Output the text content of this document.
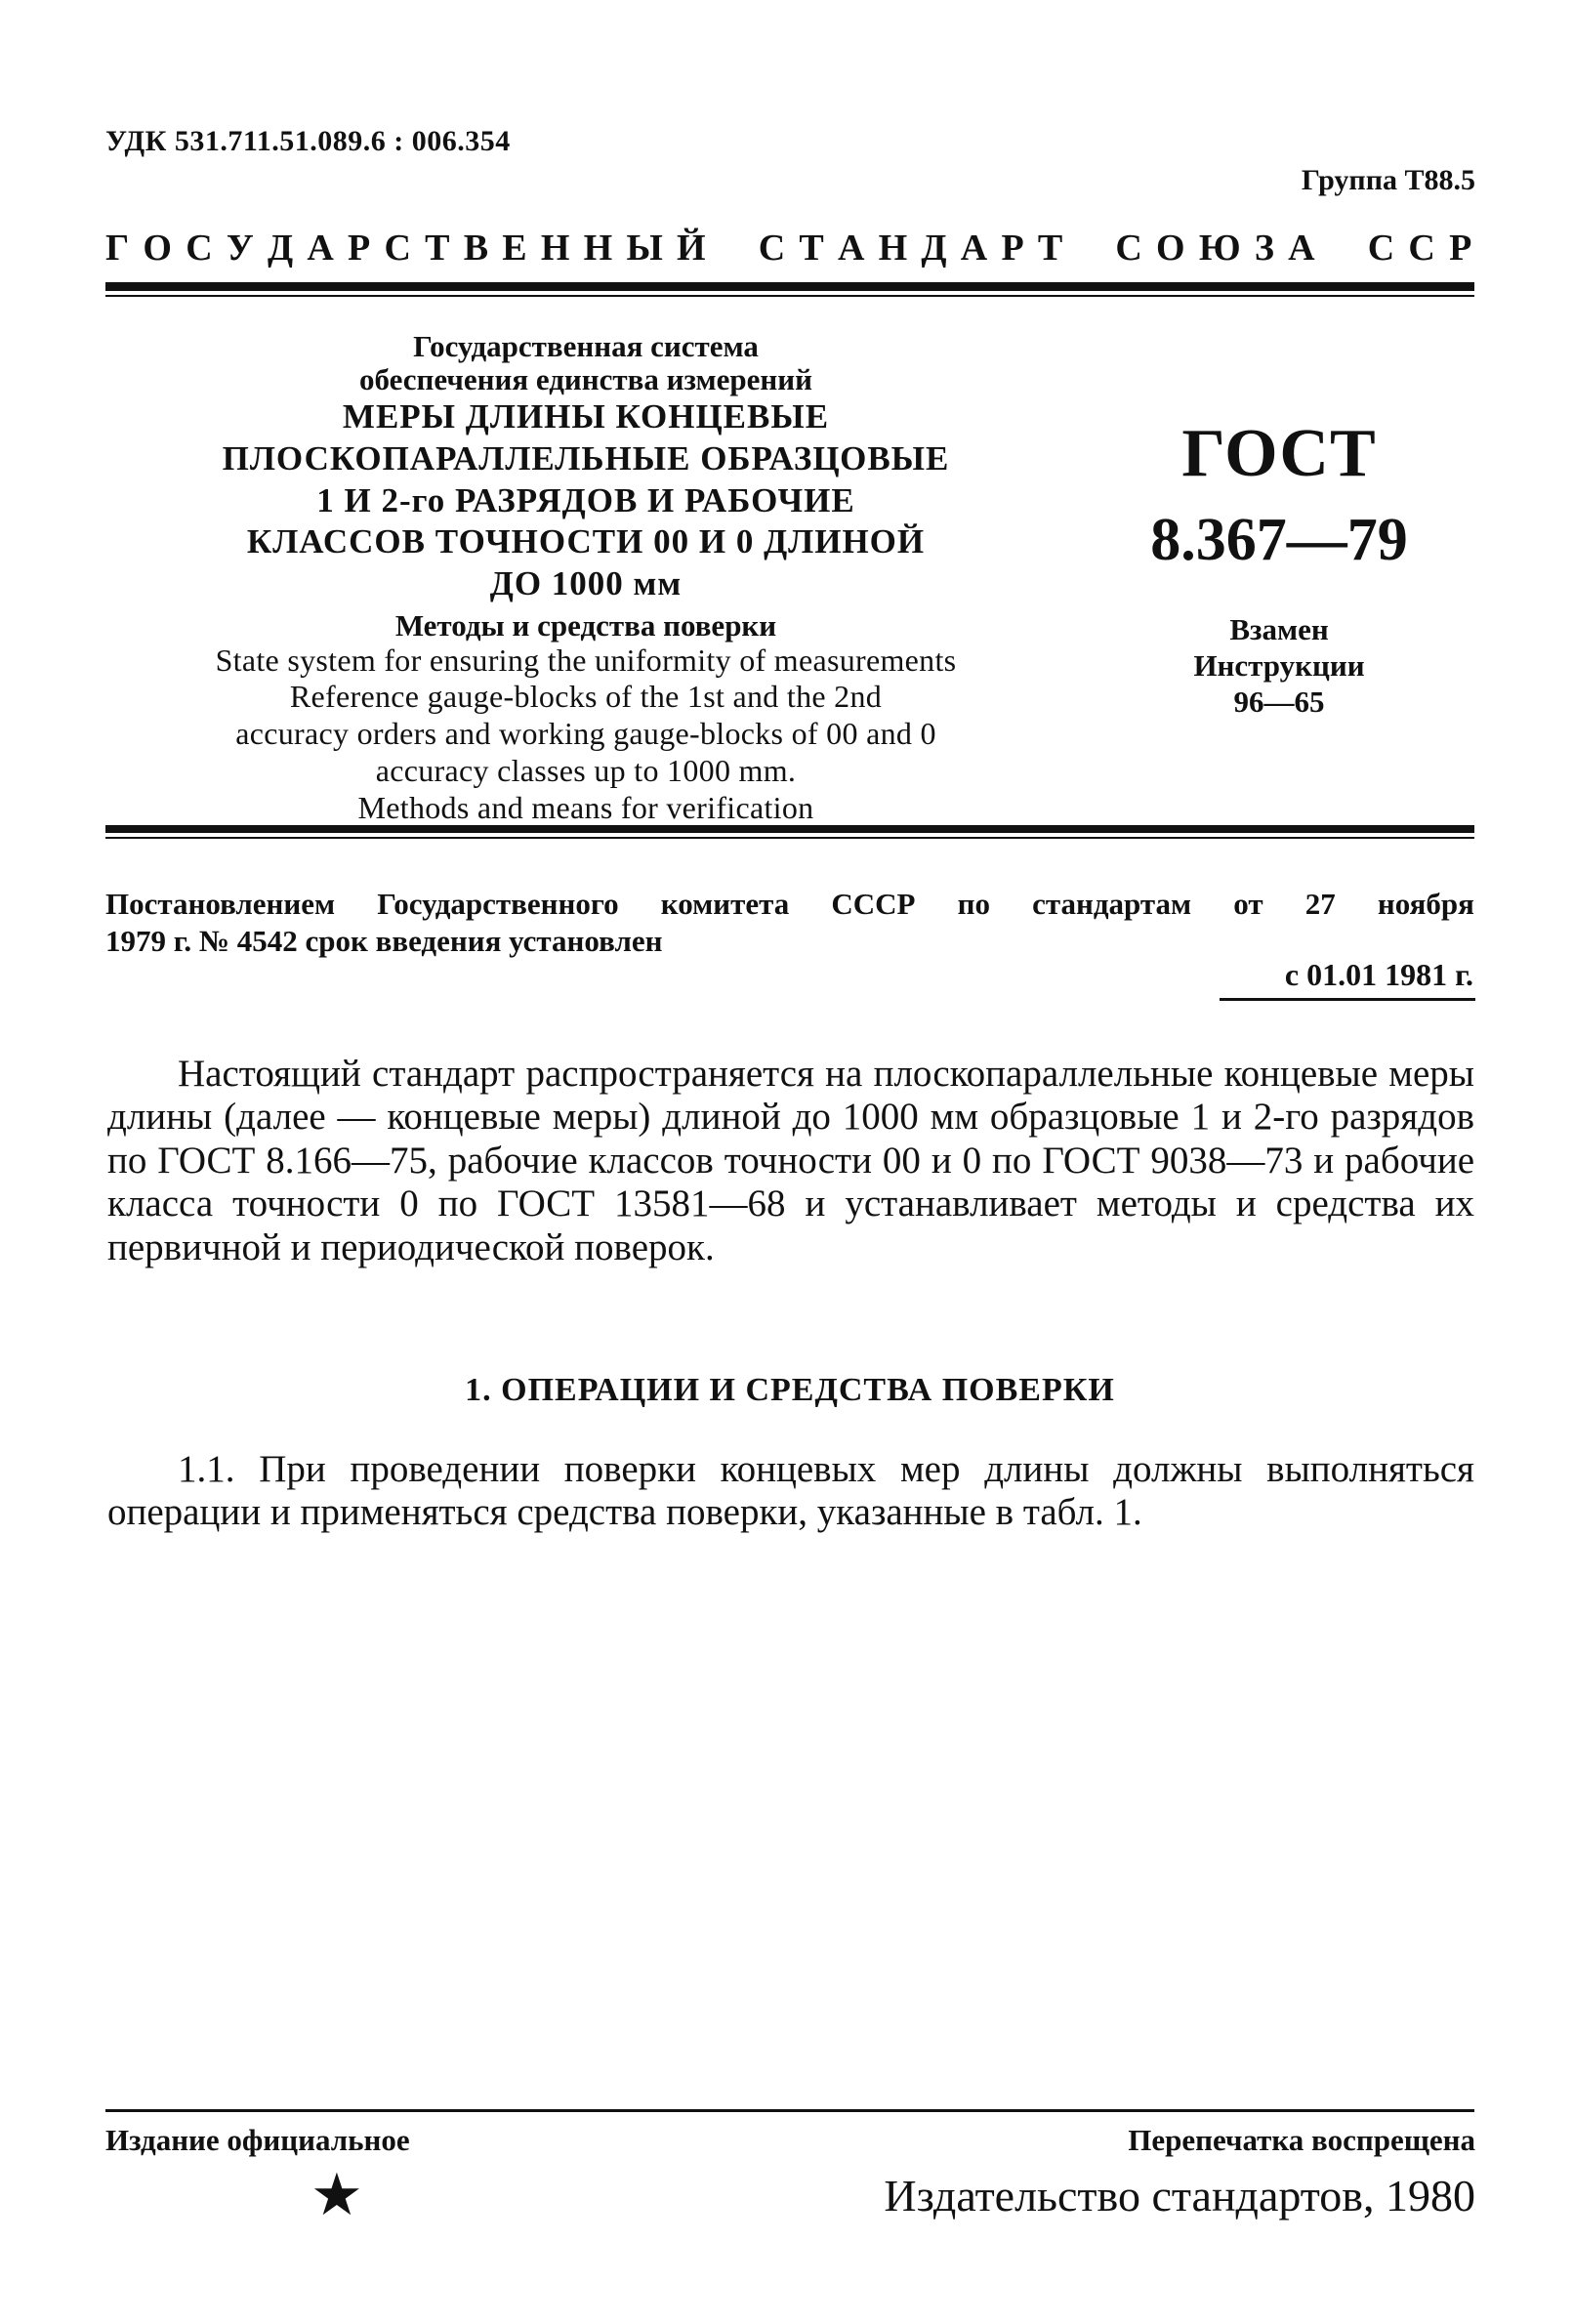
УДК 531.711.51.089.6 : 006.354
Группа Т88.5
Г О С У Д А Р С Т В Е Н Н Ы Й
С Т А Н Д А Р Т
С О Ю З А
С С Р
Государственная система
обеспечения единства измерений
МЕРЫ ДЛИНЫ КОНЦЕВЫЕ
ПЛОСКОПАРАЛЛЕЛЬНЫЕ ОБРАЗЦОВЫЕ
1 И 2-го РАЗРЯДОВ И РАБОЧИЕ
КЛАССОВ ТОЧНОСТИ 00 И 0 ДЛИНОЙ
ДО 1000 мм
Методы и средства поверки
State system for ensuring the uniformity of measurements
Reference gauge-blocks of the 1st and the 2nd
accuracy orders and working gauge-blocks of 00 and 0
accuracy classes up to 1000 mm.
Methods and means for verification
ГОСТ
8.367—79
Взамен
Инструкции
96—65
Постановлением Государственного комитета СССР по стандартам от 27 ноября
1979 г. № 4542 срок введения установлен
с 01.01 1981 г.

Настоящий стандарт распространяется на плоскопараллельные концевые меры длины (далее — концевые меры) длиной до 1000 мм образцовые 1 и 2-го разрядов по ГОСТ 8.166—75, рабочие классов точности 00 и 0 по ГОСТ 9038—73 и рабочие класса точности 0 по ГОСТ 13581—68 и устанавливает методы и средства их первичной и периодической поверок.

1. ОПЕРАЦИИ И СРЕДСТВА ПОВЕРКИ

1.1. При проведении поверки концевых мер длины должны выполняться операции и применяться средства поверки, указанные в табл. 1.

Издание официальное	Перепечатка воспрещена
★	Издательство стандартов, 1980
